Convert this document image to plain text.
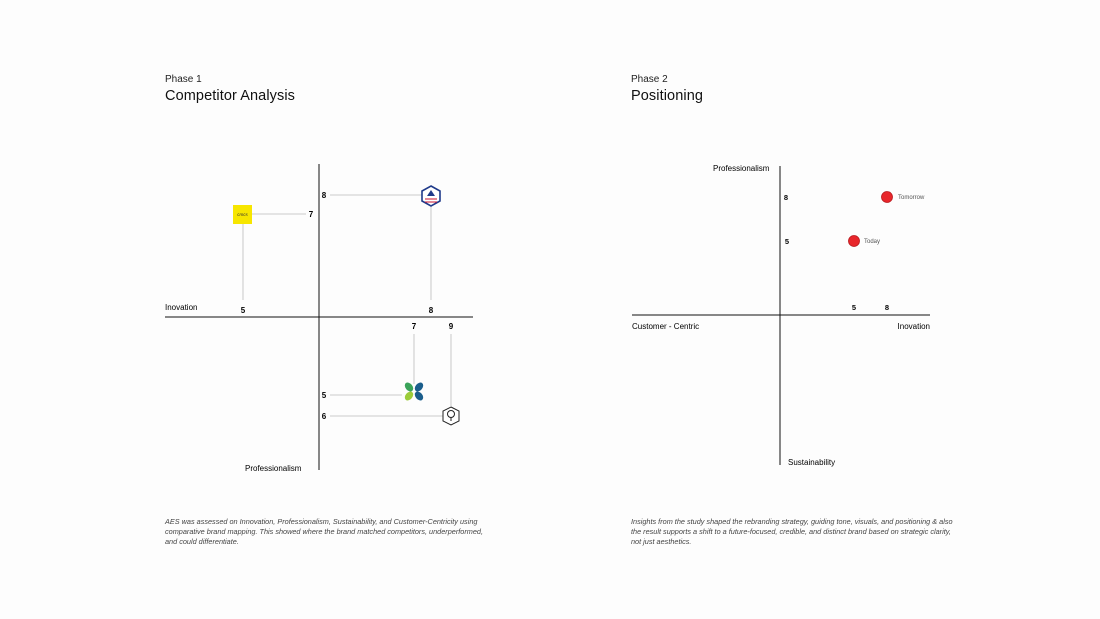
Phase 1
Competitor Analysis
Phase 2
Positioning
Inovation
Professionalism
cmcs
5
7
8
8
7
5
9
6
Professionalism
Customer - Centric	Inovation
Sustainability
8
5
5	8
Tomorrow
Today
AES was assessed on Innovation, Professionalism, Sustainability, and Customer-Centricity using comparative brand mapping. This showed where the brand matched competitors, underperformed, and could differentiate.
Insights from the study shaped the rebranding strategy, guiding tone, visuals, and positioning & also the result supports a shift to a future-focused, credible, and distinct brand based on strategic clarity, not just aesthetics.
